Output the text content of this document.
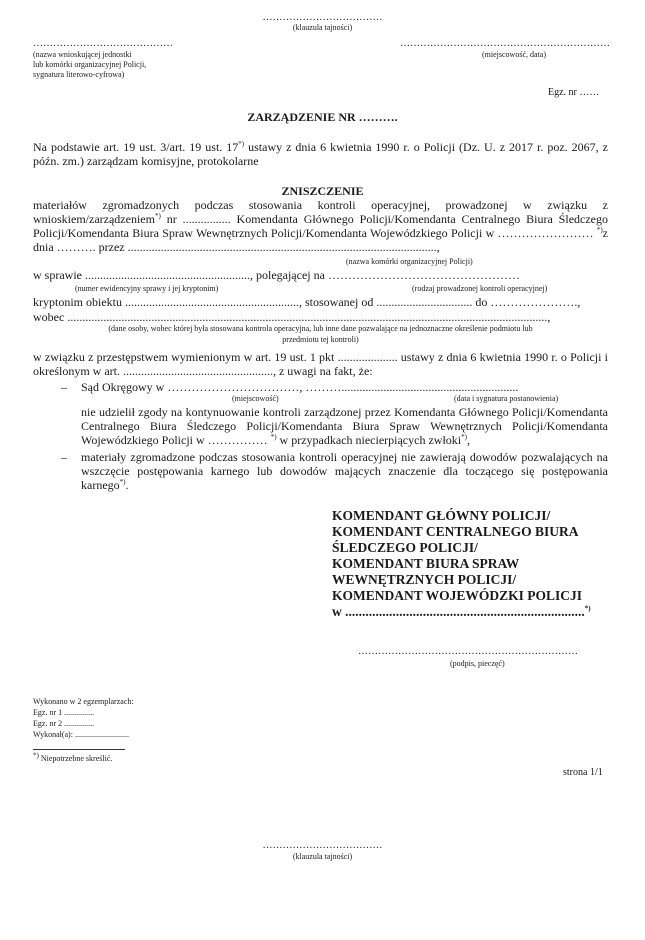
………………………………
(klauzula tajności)
……………………………………
(nazwa wnioskującej jednostki
lub komórki organizacyjnej Policji,
sygnatura literowo-cyfrowa)
………………………………………………………
(miejscowość, data)
Egz. nr ……
ZARZĄDZENIE NR ……….
Na podstawie art. 19 ust. 3/art. 19 ust. 17*) ustawy z dnia 6 kwietnia 1990 r. o Policji (Dz. U. z 2017 r. poz. 2067, z późn. zm.) zarządzam komisyjne, protokolarne
ZNISZCZENIE
materiałów zgromadzonych podczas stosowania kontroli operacyjnej, prowadzonej w związku z wnioskiem/zarządzeniem*) nr ................ Komendanta Głównego Policji/Komendanta Centralnego Biura Śledczego Policji/Komendanta Biura Spraw Wewnętrznych Policji/Komendanta Wojewódzkiego Policji w …………………… *)z dnia ………. przez .......................................................................................................,
(nazwa komórki organizacyjnej Policji)
w sprawie ......................................................., polegającej na …………………………………………
(numer ewidencyjny sprawy i jej kryptonim)	(rodzaj prowadzonej kontroli operacyjnej)
kryptonim obiektu .........................................................., stosowanej od ................................ do ………………….,
wobec ................................................................................................................................................................,
(dane osoby, wobec której była stosowana kontrola operacyjna, lub inne dane pozwalające na jednoznaczne określenie podmiotu lub
przedmiotu tej kontroli)
w związku z przestępstwem wymienionym w art. 19 ust. 1 pkt .................... ustawy z dnia 6 kwietnia 1990 r. o Policji i określonym w art. .................................................., z uwagi na fakt, że:
– Sąd Okręgowy w ……………………………, ………...........................................................
(miejscowość)	(data i sygnatura postanowienia)
nie udzielił zgody na kontynuowanie kontroli zarządzonej przez Komendanta Głównego Policji/Komendanta Centralnego Biura Śledczego Policji/Komendanta Biura Spraw Wewnętrznych Policji/Komendanta Wojewódzkiego Policji w …………… *) w przypadkach niecierpiących zwłoki*),
– materiały zgromadzone podczas stosowania kontroli operacyjnej nie zawierają dowodów pozwalających na wszczęcie postępowania karnego lub dowodów mających znaczenie dla toczącego się postępowania karnego*).
KOMENDANT GŁÓWNY POLICJI/
KOMENDANT CENTRALNEGO BIURA
ŚLEDCZEGO POLICJI/
KOMENDANT BIURA SPRAW
WEWNĘTRZNYCH POLICJI/
KOMENDANT WOJEWÓDZKI POLICJI
w .......................................................................*)
…………………………………………………………
(podpis, pieczęć)
Wykonano w 2 egzemplarzach:
Egz. nr 1 ...............
Egz. nr 2 ...............
Wykonał(a): ...........................
*) Niepotrzebne skreślić.
strona 1/1
………………………………
(klauzula tajności)
